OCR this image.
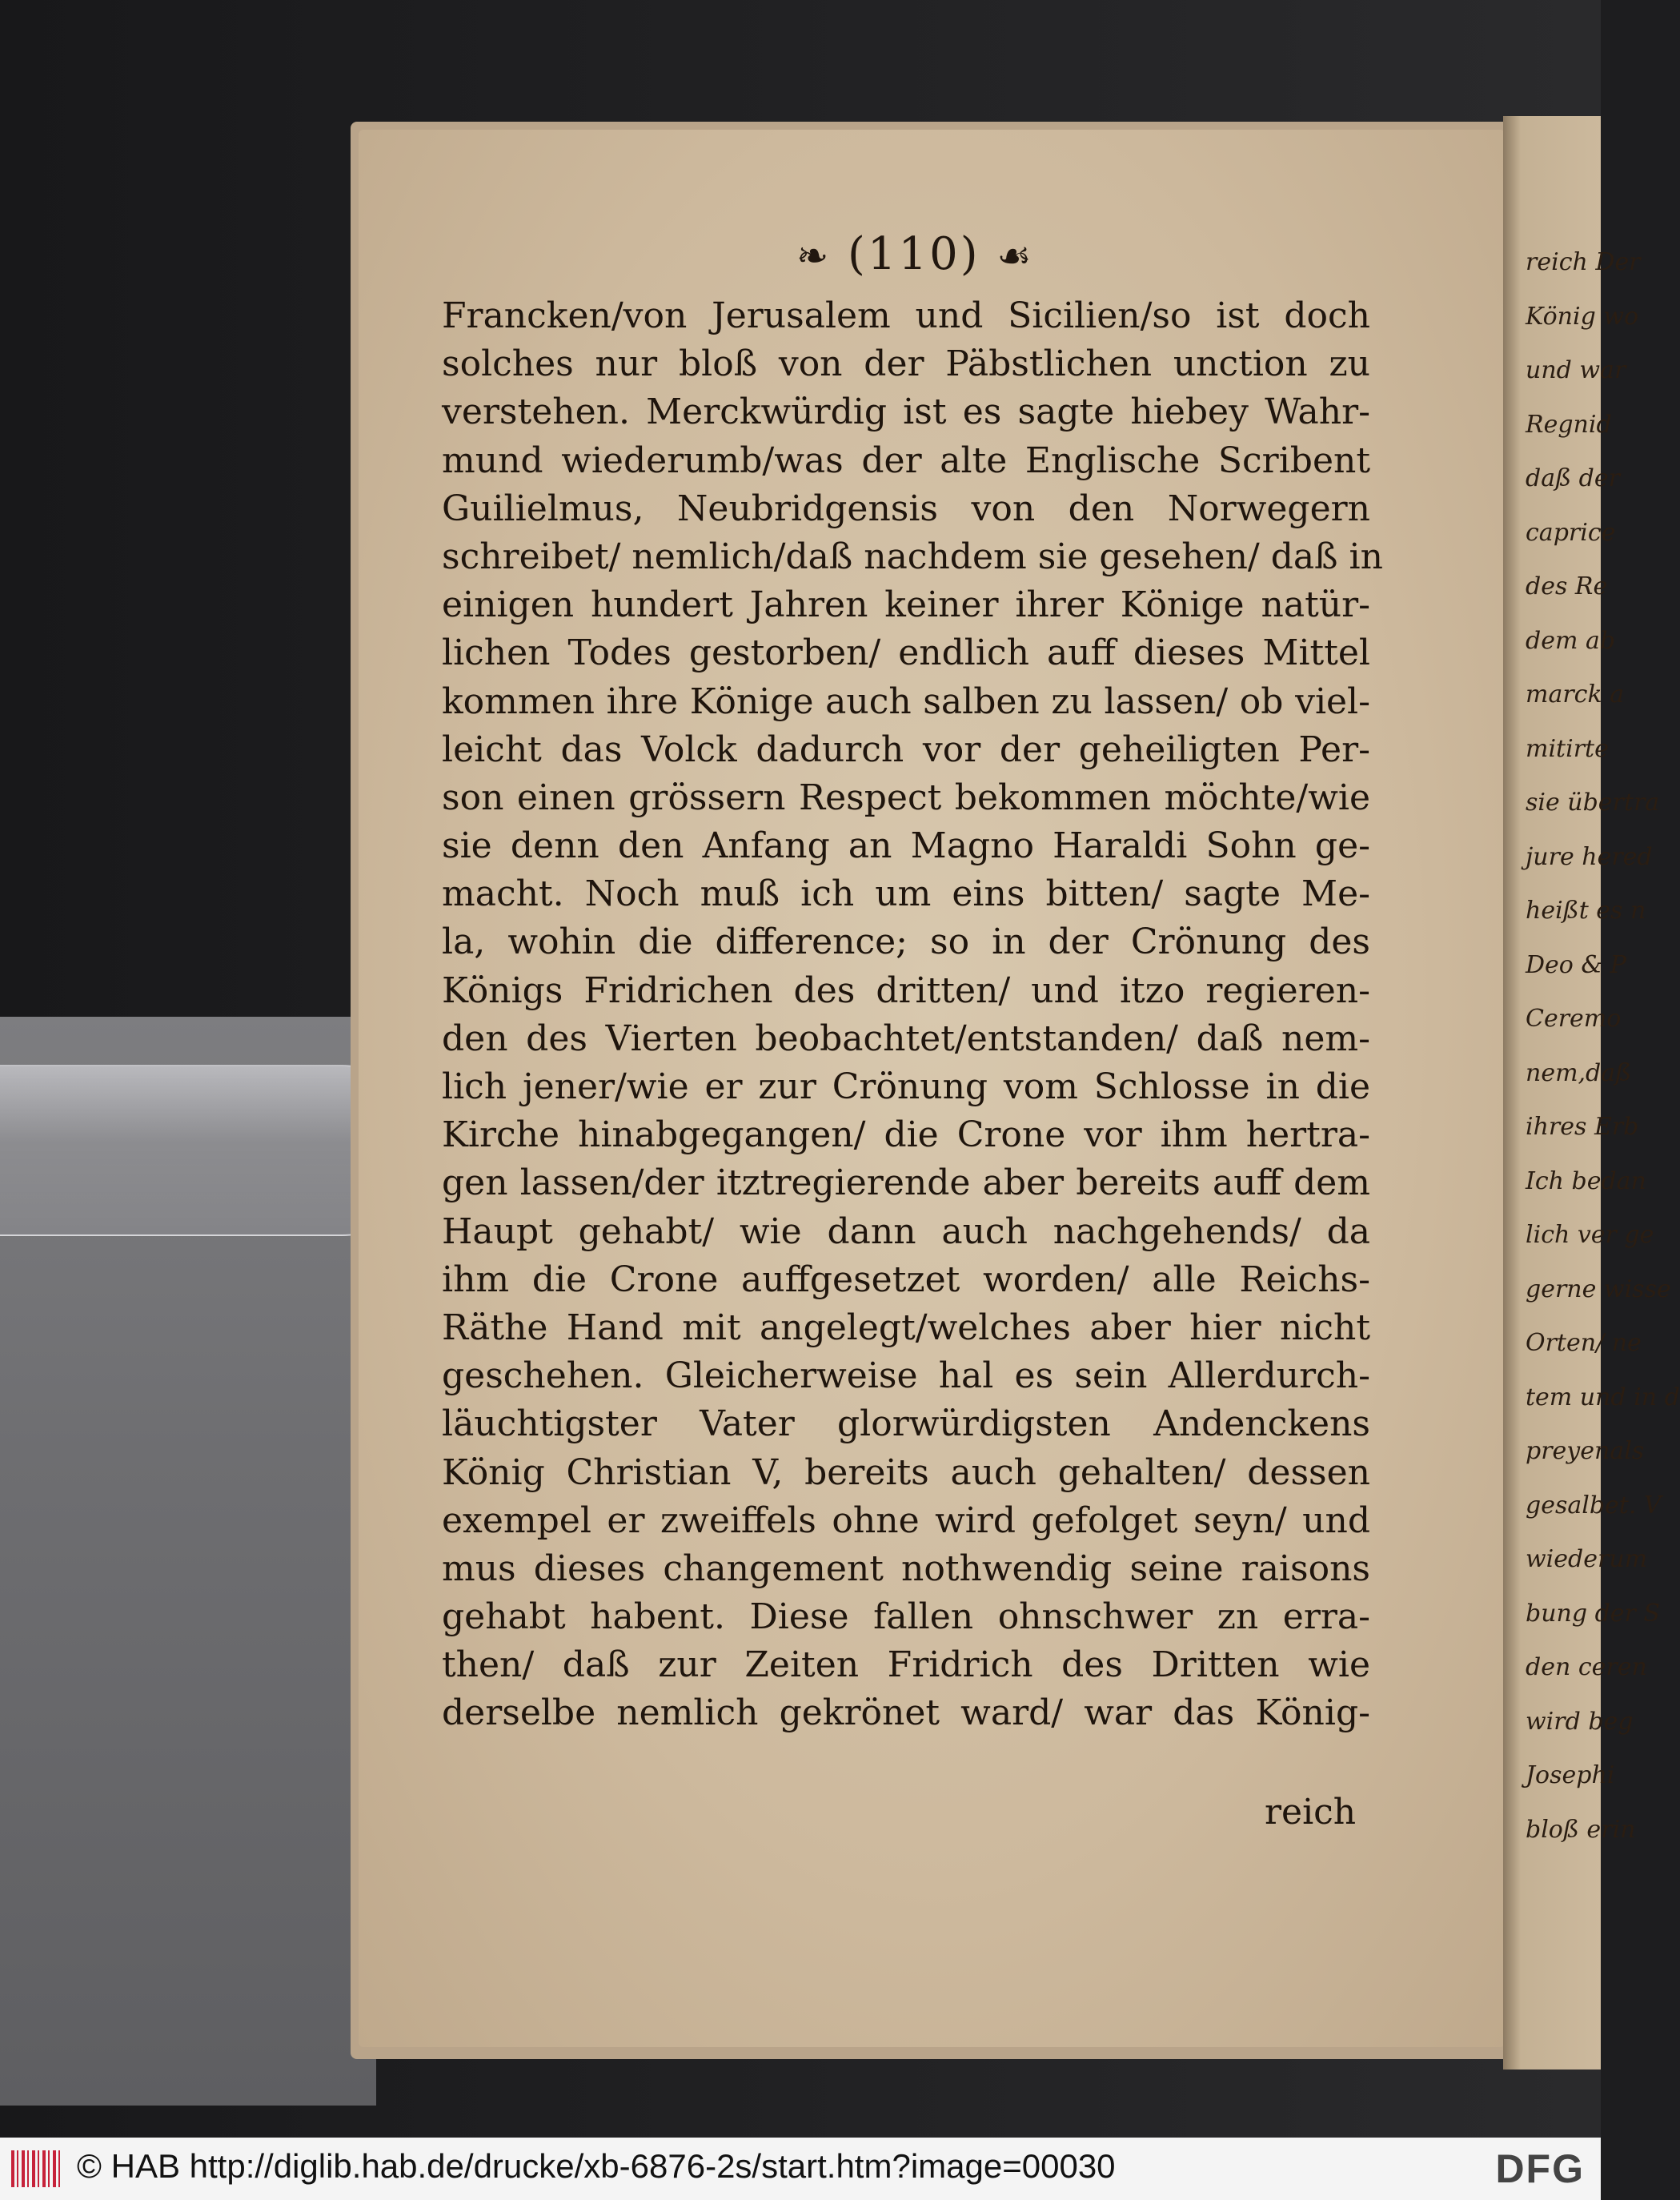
reich Der
König wo
und war
Regnid
daß der
caprice
des Re
dem ab
marck a
mitirte
sie übertra
jure hered
heißt es n
Deo & P
Ceremo
nem,daß
ihres Erb
Ich bedan
lich ver ge
gerne wisse
Orten/ ne
tem und in d
preyenals
gesalbet. V
wiederum
bung der S
den ceren
wird beg
Josephi
bloß erin
❧ (110) ☙
Francken/von Jerusalem und Sicilien/so ist doch
solches nur bloß von der Päbstlichen unction zu
verstehen. Merckwürdig ist es sagte hiebey Wahr-
mund wiederumb/was der alte Englische Scribent
Guilielmus, Neubridgensis von den Norwegern
schreibet/ nemlich/daß nachdem sie gesehen/ daß in
einigen hundert Jahren keiner ihrer Könige natür-
lichen Todes gestorben/ endlich auff dieses Mittel
kommen ihre Könige auch salben zu lassen/ ob viel-
leicht das Volck dadurch vor der geheiligten Per-
son einen grössern Respect bekommen möchte/wie
sie denn den Anfang an Magno Haraldi Sohn ge-
macht. Noch muß ich um eins bitten/ sagte Me-
la, wohin die difference; so in der Crönung des
Königs Fridrichen des dritten/ und itzo regieren-
den des Vierten beobachtet/entstanden/ daß nem-
lich jener/wie er zur Crönung vom Schlosse in die
Kirche hinabgegangen/ die Crone vor ihm hertra-
gen lassen/der itztregierende aber bereits auff dem
Haupt gehabt/ wie dann auch nachgehends/ da
ihm die Crone auffgesetzet worden/ alle Reichs-
Räthe Hand mit angelegt/welches aber hier nicht
geschehen. Gleicherweise hal es sein Allerdurch-
läuchtigster Vater glorwürdigsten Andenckens
König Christian V, bereits auch gehalten/ dessen
exempel er zweiffels ohne wird gefolget seyn/ und
mus dieses changement nothwendig seine raisons
gehabt habent. Diese fallen ohnschwer zn erra-
then/ daß zur Zeiten Fridrich des Dritten wie
derselbe nemlich gekrönet ward/ war das König-
reich
© HAB http://diglib.hab.de/drucke/xb-6876-2s/start.htm?image=00030	DFG
